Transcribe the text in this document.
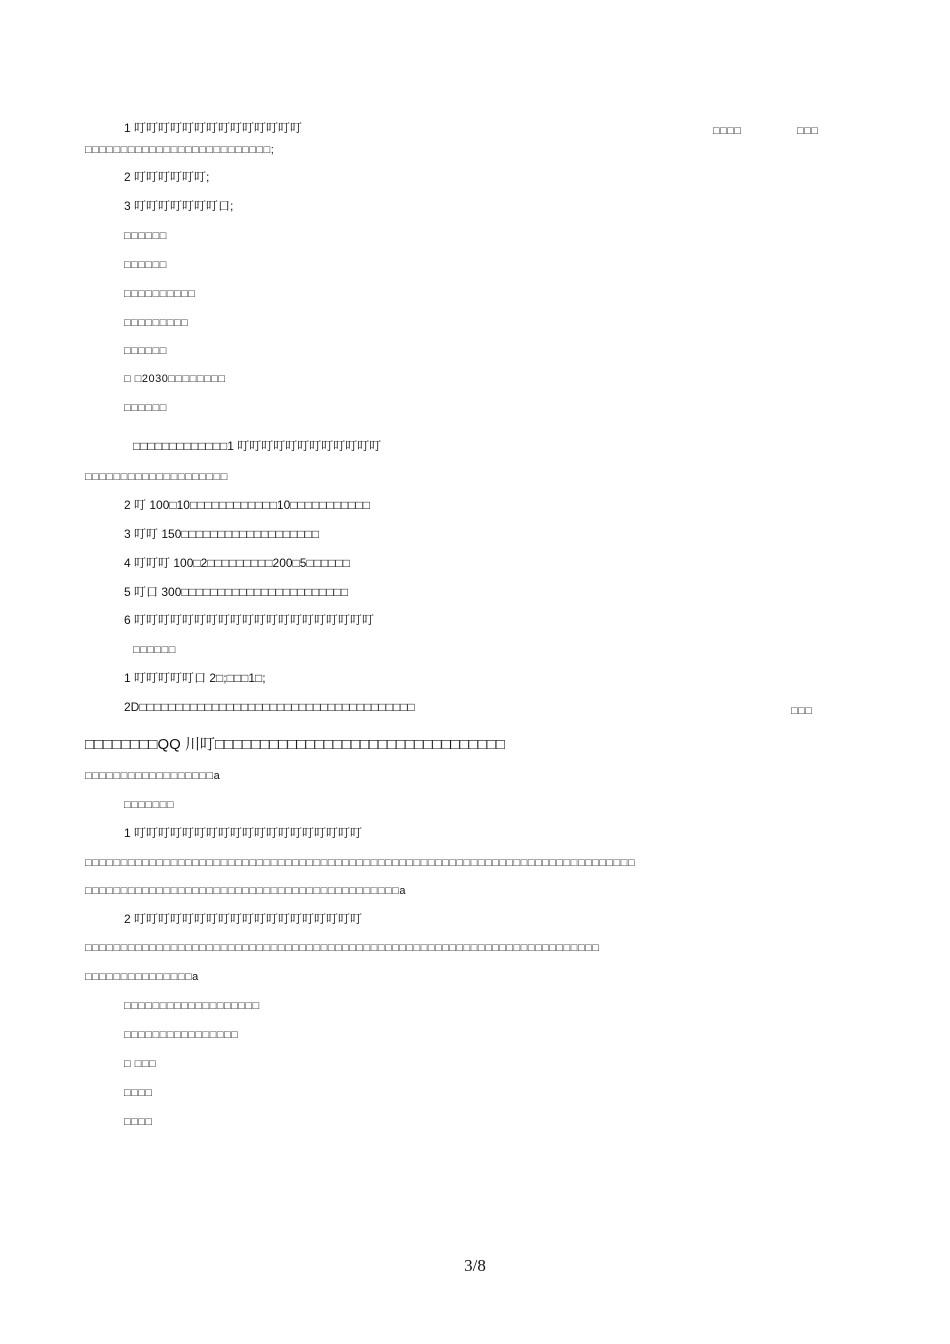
1 叮叮叮叮叮叮叮叮叮叮叮叮叮叮	□□□□	□□□
□□□□□□□□□□□□□□□□□□□□□□□□□□;
2 叮叮叮叮叮叮;
3 叮叮叮叮叮叮叮口;
□□□□□□
□□□□□□
□□□□□□□□□□
□□□□□□□□□
□□□□□□
□ □2030□□□□□□□□
□□□□□□
□□□□□□□□□□□□□1 叮叮叮叮叮叮叮叮叮叮叮叮
□□□□□□□□□□□□□□□□□□□□
2 叮 100□10□□□□□□□□□□□□10□□□□□□□□□□□
3 叮叮 150□□□□□□□□□□□□□□□□□□□
4 叮叮叮 100□2□□□□□□□□□200□5□□□□□□
5 叮口 300□□□□□□□□□□□□□□□□□□□□□□□
6 叮叮叮叮叮叮叮叮叮叮叮叮叮叮叮叮叮叮叮叮
□□□□□□
1 叮叮叮叮叮口 2□;□□□1□;
2D□□□□□□□□□□□□□□□□□□□□□□□□□□□□□□□□□□□□□□	□□□
□□□□□□□□QQ 川叮□□□□□□□□□□□□□□□□□□□□□□□□□□□□□□□□
□□□□□□□□□□□□□□□□□□a
□□□□□□□
1 叮叮叮叮叮叮叮叮叮叮叮叮叮叮叮叮叮叮叮
□□□□□□□□□□□□□□□□□□□□□□□□□□□□□□□□□□□□□□□□□□□□□□□□□□□□□□□□□□□□□□□□□□□□□□□□□□□□□
□□□□□□□□□□□□□□□□□□□□□□□□□□□□□□□□□□□□□□□□□□□□a
2 叮叮叮叮叮叮叮叮叮叮叮叮叮叮叮叮叮叮叮
□□□□□□□□□□□□□□□□□□□□□□□□□□□□□□□□□□□□□□□□□□□□□□□□□□□□□□□□□□□□□□□□□□□□□□□□
□□□□□□□□□□□□□□□a
□□□□□□□□□□□□□□□□□□□
□□□□□□□□□□□□□□□□
□ □□□
□□□□
□□□□
3/8
